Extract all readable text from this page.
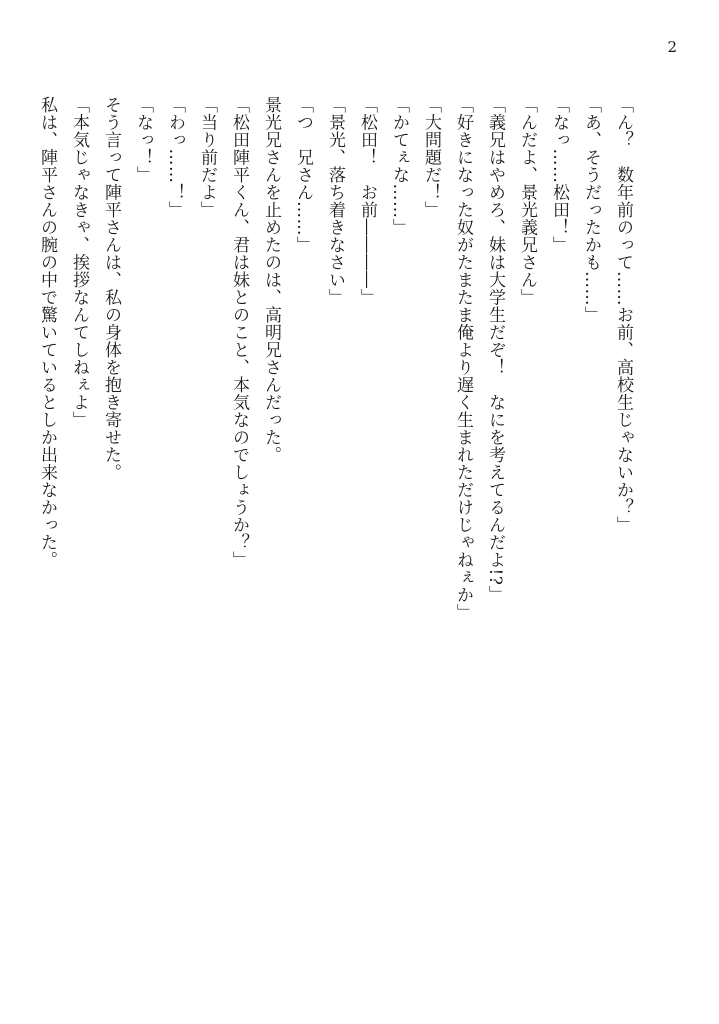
2
「ん？　数年前のって……お前、高校生じゃないか？」
「あ、そうだったかも……」
「なっ……松田！」
「んだよ、景光義兄さん」
「義兄はやめろ、妹は大学生だぞ！　なにを考えてるんだよ!?」
「好きになった奴がたまたま俺より遅く生まれただけじゃねぇか」
「大問題だ！」
「かてぇな……」
「松田！　お前――――」
「景光、落ち着きなさい」
「つ　兄さん……」
景光兄さんを止めたのは、高明兄さんだった。
「松田陣平くん、君は妹とのこと、本気なのでしょうか？」
「当り前だよ」
「わっ……！」
「なっ！」
そう言って陣平さんは、私の身体を抱き寄せた。
「本気じゃなきゃ、挨拶なんてしねぇよ」
私は、陣平さんの腕の中で驚いているとしか出来なかった。
